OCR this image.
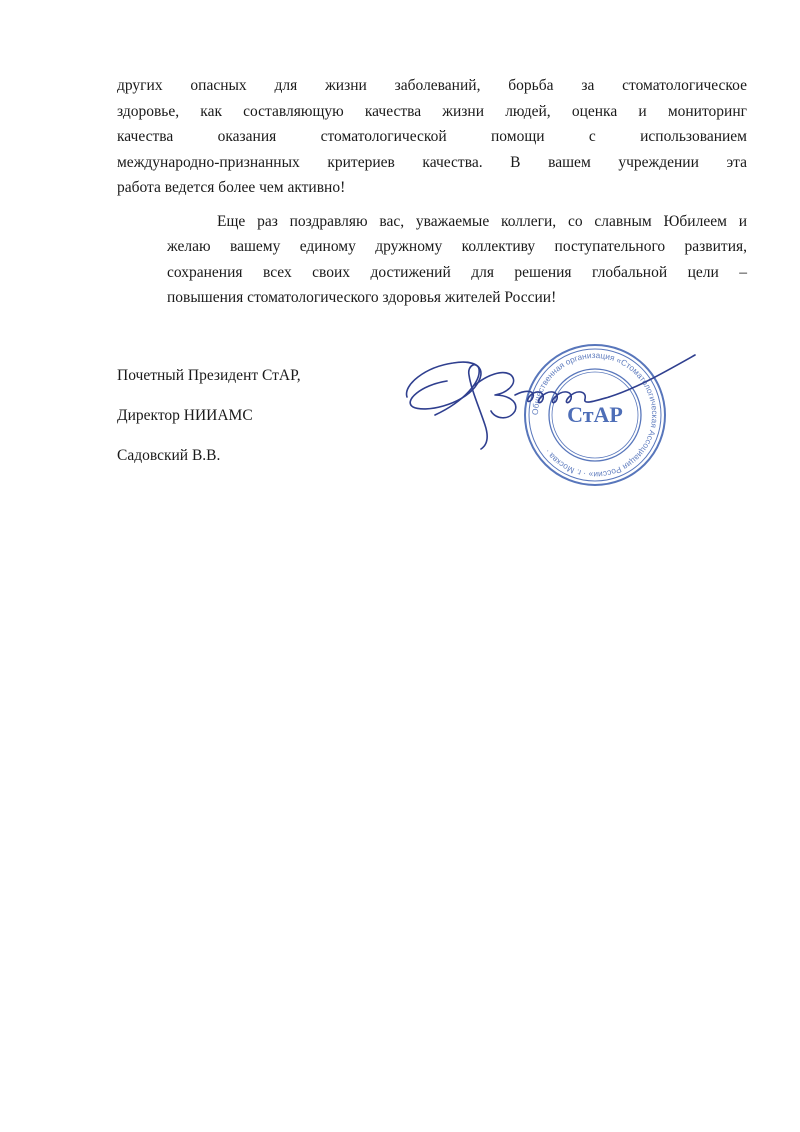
других опасных для жизни заболеваний, борьба за стоматологическое
здоровье, как составляющую качества жизни людей, оценка и мониторинг
качества оказания стоматологической помощи с использованием
международно-признанных критериев качества. В вашем учреждении эта
работа ведется более чем активно!

Еще раз поздравляю вас, уважаемые коллеги, со славным Юбилеем и
желаю вашему единому дружному коллективу поступательного развития,
сохранения всех своих достижений для решения глобальной цели –
повышения стоматологического здоровья жителей России!

Почетный Президент СтАР,
Директор НИИАМС
Садовский В.В.
Общественная организация «Стоматологическая Ассоциация России» · г. Москва ·
СтАР
